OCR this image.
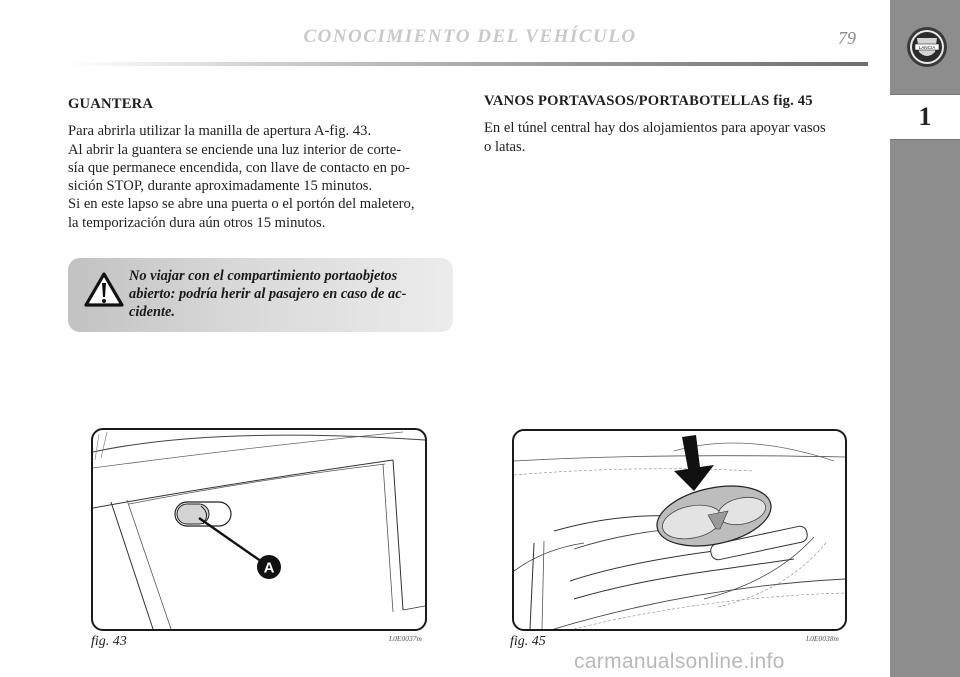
CONOCIMIENTO DEL VEHÍCULO	79	LANCIA
1
GUANTERA
Para abrirla utilizar la manilla de apertura A-fig. 43.
Al abrir la guantera se enciende una luz interior de corte-
sía que permanece encendida, con llave de contacto en po-
sición STOP, durante aproximadamente 15 minutos.
Si en este lapso se abre una puerta o el portón del maletero,
la temporización dura aún otros 15 minutos.
No viajar con el compartimiento portaobjetos
abierto: podría herir al pasajero en caso de ac-
cidente.
VANOS PORTAVASOS/PORTABOTELLAS fig. 45
En el túnel central hay dos alojamientos para apoyar vasos
o latas.
A
fig. 43	L0E0037m	fig. 45	L0E0038m
carmanualsonline.info
